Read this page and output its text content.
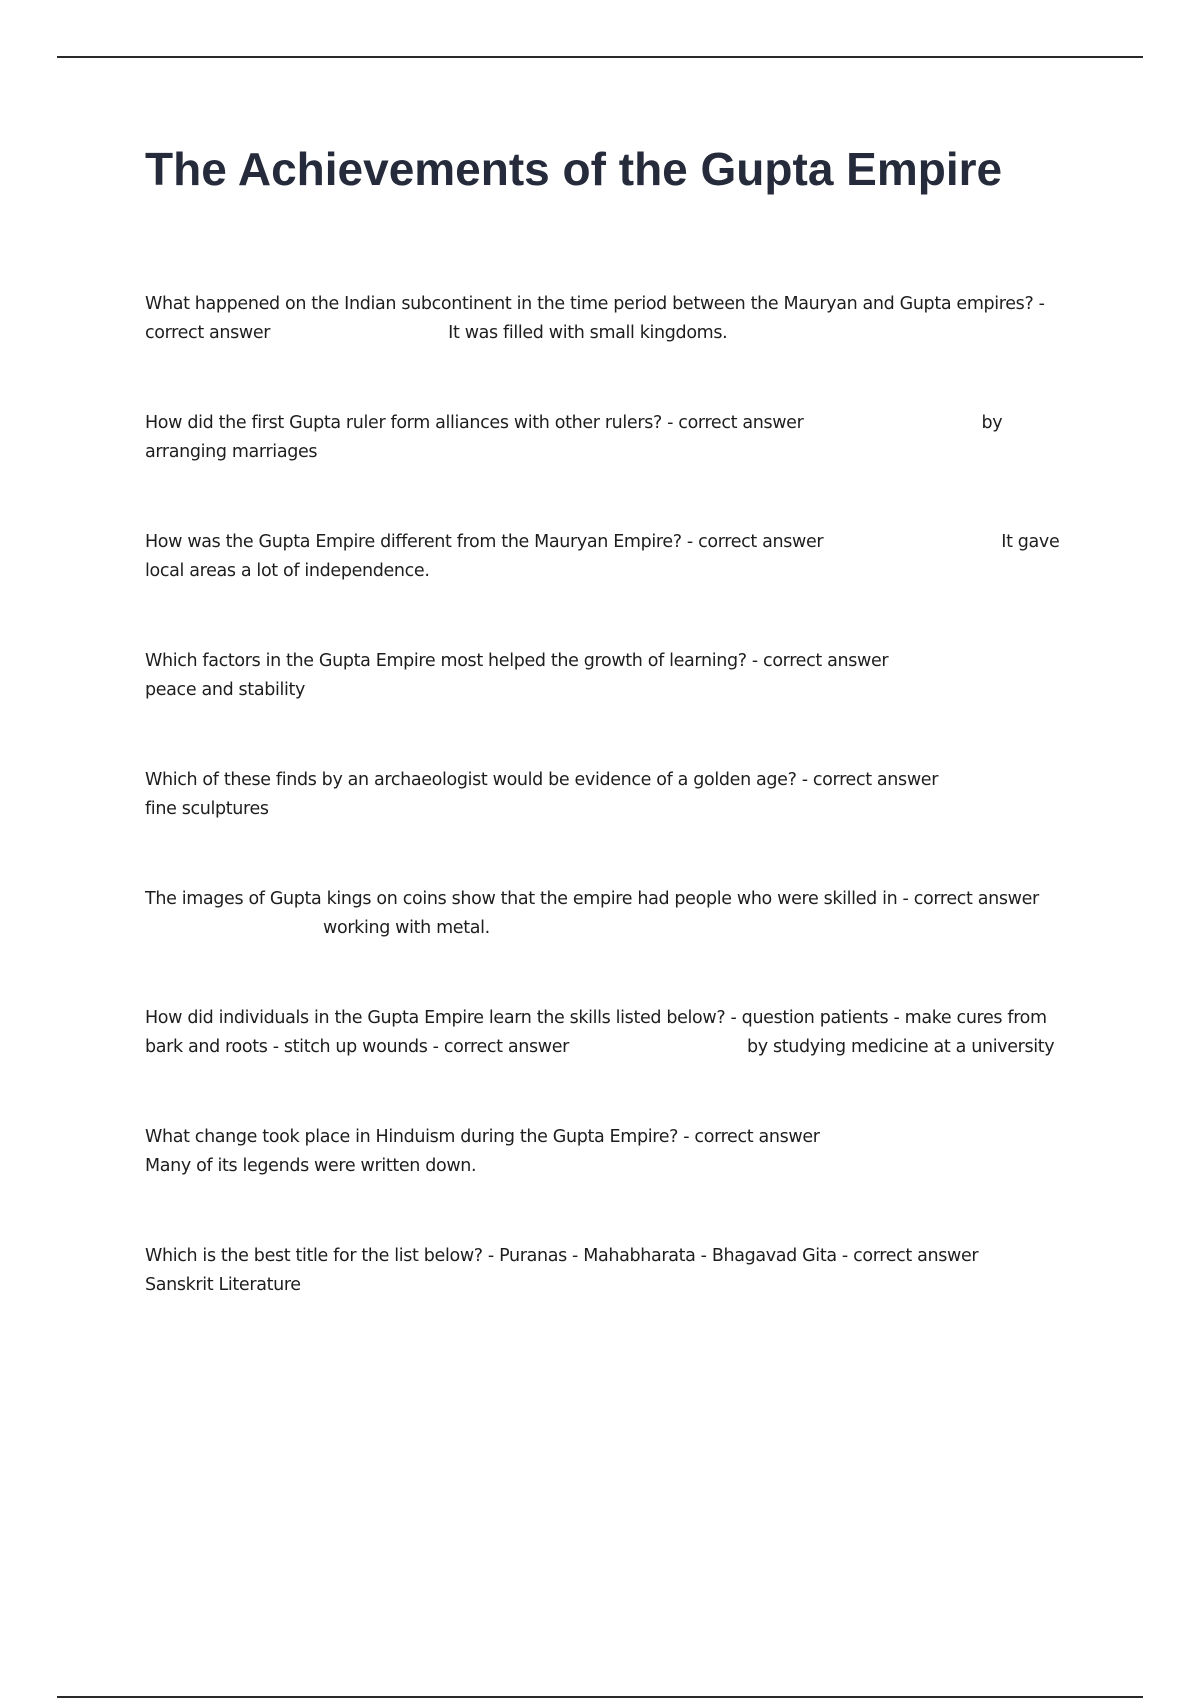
The Achievements of the Gupta Empire

What happened on the Indian subcontinent in the time period between the Mauryan and Gupta empires? - correct answer	It was filled with small kingdoms.

How did the first Gupta ruler form alliances with other rulers? - correct answer	by arranging marriages

How was the Gupta Empire different from the Mauryan Empire? - correct answer	It gave local areas a lot of independence.

Which factors in the Gupta Empire most helped the growth of learning? - correct answer
peace and stability

Which of these finds by an archaeologist would be evidence of a golden age? - correct answer
fine sculptures

The images of Gupta kings on coins show that the empire had people who were skilled in - correct answerworking with metal.

How did individuals in the Gupta Empire learn the skills listed below? - question patients - make cures from bark and roots - stitch up wounds - correct answer	by studying medicine at a university

What change took place in Hinduism during the Gupta Empire? - correct answer
Many of its legends were written down.

Which is the best title for the list below? - Puranas - Mahabharata - Bhagavad Gita - correct answer
Sanskrit Literature
